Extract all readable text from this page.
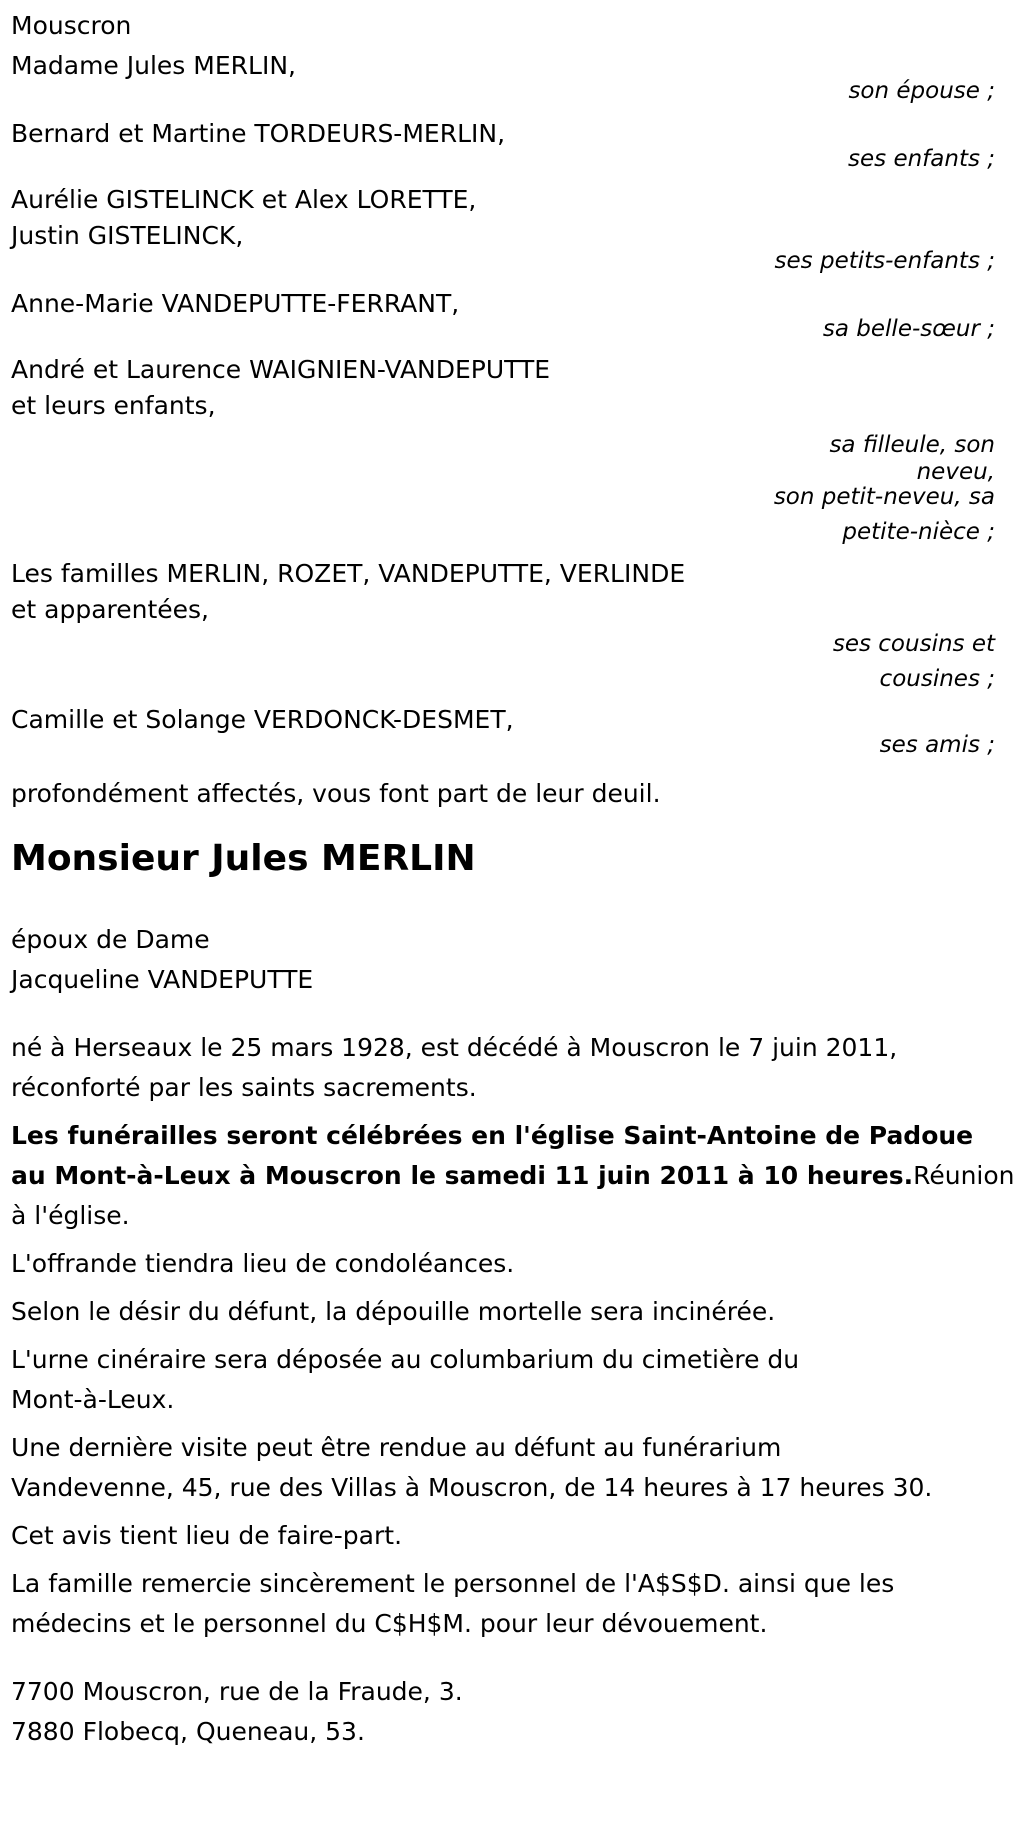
Mouscron
Madame Jules MERLIN,
son épouse ;
Bernard et Martine TORDEURS-MERLIN,
ses enfants ;
Aurélie GISTELINCK et Alex LORETTE,
Justin GISTELINCK,
ses petits-enfants ;
Anne-Marie VANDEPUTTE-FERRANT,
sa belle-sœur ;
André et Laurence WAIGNIEN-VANDEPUTTE
et leurs enfants,
sa filleule, son
neveu,
son petit-neveu, sa
petite-nièce ;
Les familles MERLIN, ROZET, VANDEPUTTE, VERLINDE
et apparentées,
ses cousins et
cousines ;
Camille et Solange VERDONCK-DESMET,
ses amis ;
profondément affectés, vous font part de leur deuil.
Monsieur Jules MERLIN
époux de Dame
Jacqueline VANDEPUTTE
né à Herseaux le 25 mars 1928, est décédé à Mouscron le 7 juin 2011,
réconforté par les saints sacrements.
Les funérailles seront célébrées en l'église Saint-Antoine de Padoue
au Mont-à-Leux à Mouscron le samedi 11 juin 2011 à 10 heures.Réunion
à l'église.
L'offrande tiendra lieu de condoléances.
Selon le désir du défunt, la dépouille mortelle sera incinérée.
L'urne cinéraire sera déposée au columbarium du cimetière du
Mont-à-Leux.
Une dernière visite peut être rendue au défunt au funérarium
Vandevenne, 45, rue des Villas à Mouscron, de 14 heures à 17 heures 30.
Cet avis tient lieu de faire-part.
La famille remercie sincèrement le personnel de l'A$S$D. ainsi que les
médecins et le personnel du C$H$M. pour leur dévouement.
7700 Mouscron, rue de la Fraude, 3.
7880 Flobecq, Queneau, 53.
